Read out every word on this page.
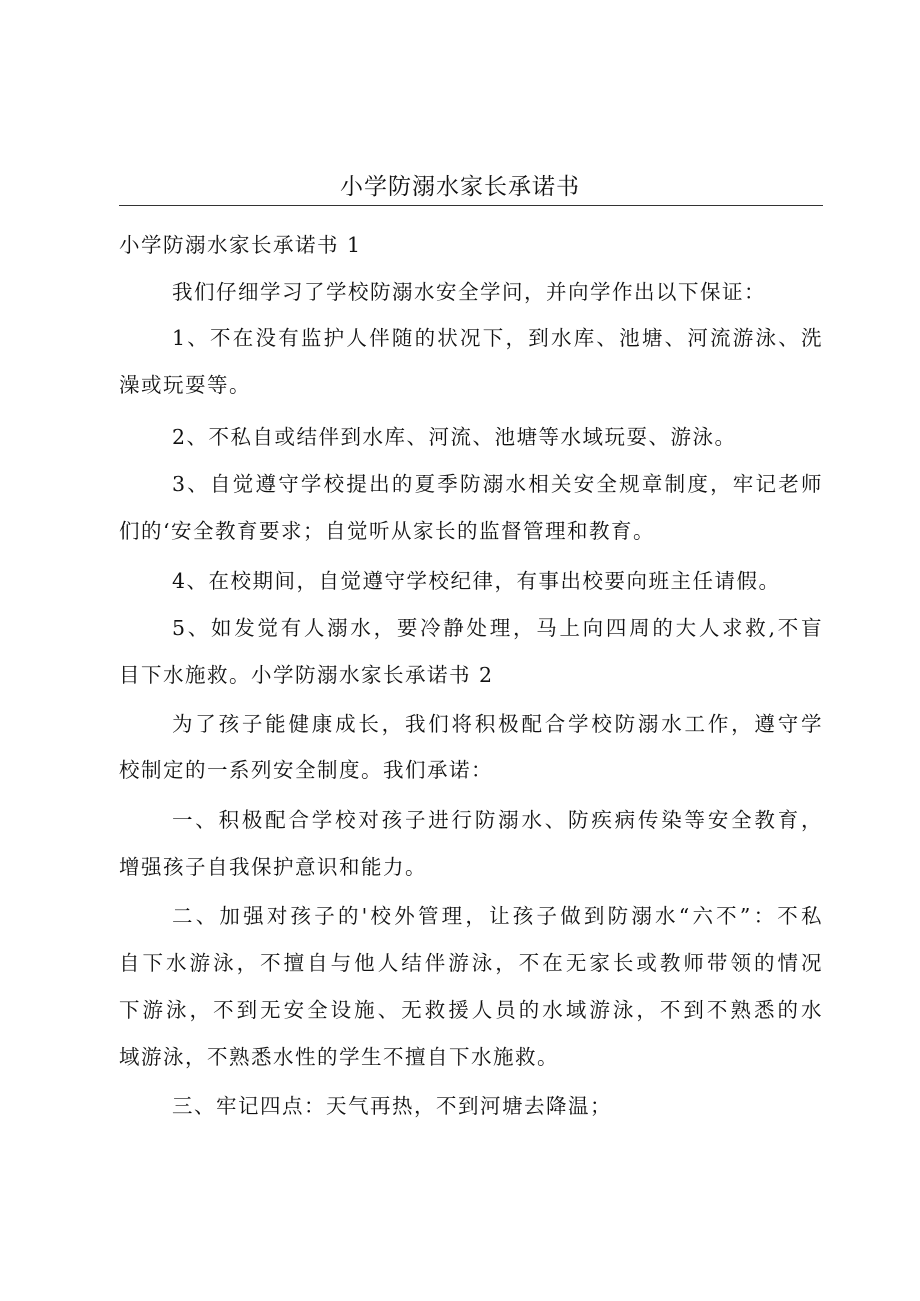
小学防溺水家长承诺书
小学防溺水家长承诺书 1
我们仔细学习了学校防溺水安全学问，并向学作出以下保证：
1、不在没有监护人伴随的状况下，到水库、池塘、河流游泳、洗
澡或玩耍等。
2、不私自或结伴到水库、河流、池塘等水域玩耍、游泳。
3、自觉遵守学校提出的夏季防溺水相关安全规章制度，牢记老师
们的‘安全教育要求；自觉听从家长的监督管理和教育。
4、在校期间，自觉遵守学校纪律，有事出校要向班主任请假。
5、如发觉有人溺水，要冷静处理，马上向四周的大人求救,不盲
目下水施救。小学防溺水家长承诺书 2
为了孩子能健康成长，我们将积极配合学校防溺水工作，遵守学
校制定的一系列安全制度。我们承诺：
一、积极配合学校对孩子进行防溺水、防疾病传染等安全教育，
增强孩子自我保护意识和能力。
二、加强对孩子的'校外管理，让孩子做到防溺水“六不”：不私
自下水游泳，不擅自与他人结伴游泳，不在无家长或教师带领的情况
下游泳，不到无安全设施、无救援人员的水域游泳，不到不熟悉的水
域游泳，不熟悉水性的学生不擅自下水施救。
三、牢记四点：天气再热，不到河塘去降温；
